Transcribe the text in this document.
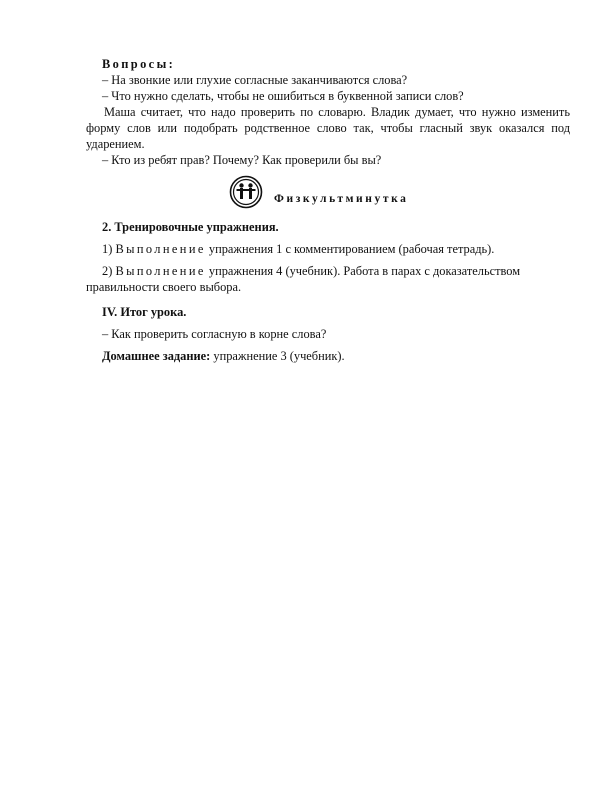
Вопросы:

– На звонкие или глухие согласные заканчиваются слова?

– Что нужно сделать, чтобы не ошибиться в буквенной записи слов?

Маша считает, что надо проверить по словарю. Владик думает, что нужно изменить форму слов или подобрать родственное слово так, чтобы гласный звук оказался под ударением.

– Кто из ребят прав? Почему? Как проверили бы вы?

Физкультминутка

2. Тренировочные упражнения.

1) Выполнение упражнения 1 с комментированием (рабочая тетрадь).

2) Выполнение упражнения 4 (учебник). Работа в парах с доказательством

правильности своего выбора.

IV. Итог урока.

– Как проверить согласную в корне слова?

Домашнее задание: упражнение 3 (учебник).
